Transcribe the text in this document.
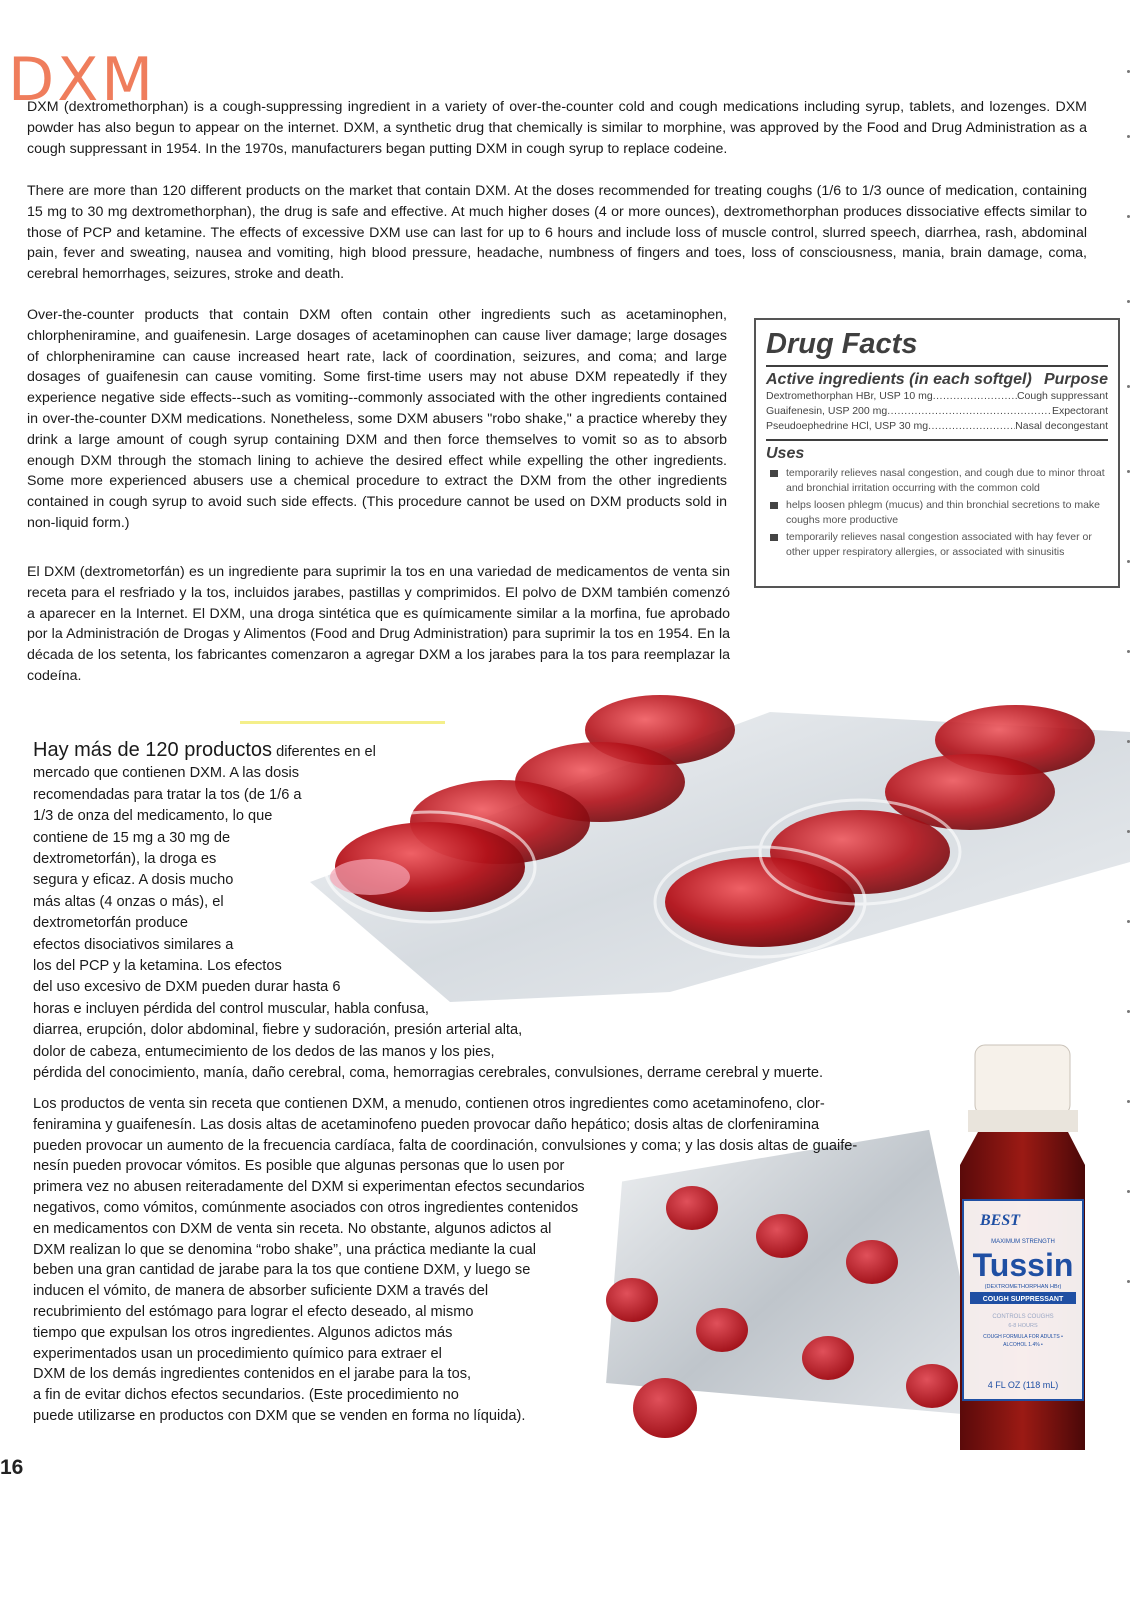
DXM

DXM (dextromethorphan) is a cough-suppressing ingredient in a variety of over-the-counter cold and cough medications including syrup, tablets, and lozenges. DXM powder has also begun to appear on the internet. DXM, a synthetic drug that chemically is similar to morphine, was approved by the Food and Drug Administration as a cough suppressant in 1954. In the 1970s, manufacturers began putting DXM in cough syrup to replace codeine.

There are more than 120 different products on the market that contain DXM. At the doses recommended for treating coughs (1/6 to 1/3 ounce of medication, containing 15 mg to 30 mg dextromethorphan), the drug is safe and effective. At much higher doses (4 or more ounces), dextromethorphan produces dissociative effects similar to those of PCP and ketamine. The effects of excessive DXM use can last for up to 6 hours and include loss of muscle control, slurred speech, diarrhea, rash, abdominal pain, fever and sweating, nausea and vomiting, high blood pressure, headache, numbness of fingers and toes, loss of consciousness, mania, brain damage, coma, cerebral hemorrhages, seizures, stroke and death.

Over-the-counter products that contain DXM often contain other ingredients such as acetaminophen, chlorpheniramine, and guaifenesin. Large dosages of acetaminophen can cause liver damage; large dosages of chlorpheniramine can cause increased heart rate, lack of coordination, seizures, and coma; and large dosages of guaifenesin can cause vomiting. Some first-time users may not abuse DXM repeatedly if they experience negative side effects--such as vomiting--commonly associated with the other ingredients contained in over-the-counter DXM medications. Nonetheless, some DXM abusers "robo shake," a practice whereby they drink a large amount of cough syrup containing DXM and then force themselves to vomit so as to absorb enough DXM through the stomach lining to achieve the desired effect while expelling the other ingredients. Some more experienced abusers use a chemical procedure to extract the DXM from the other ingredients contained in cough syrup to avoid such side effects. (This procedure cannot be used on DXM products sold in non-liquid form.)

El DXM (dextrometorfán) es un ingrediente para suprimir la tos en una variedad de medicamentos de venta sin receta para el resfriado y la tos, incluidos jarabes, pastillas y comprimidos. El polvo de DXM también comenzó a aparecer en la Internet. El DXM, una droga sintética que es químicamente similar a la morfina, fue aprobado por la Administración de Drogas y Alimentos (Food and Drug Administration) para suprimir la tos en 1954. En la década de los setenta, los fabricantes comenzaron a agregar DXM a los jarabes para la tos para reemplazar la codeína.

Drug Facts
Active ingredients (in each softgel) Purpose
Dextromethorphan HBr, USP 10 mg .....	Cough suppressant
Guaifenesin, USP 200 mg .....	Expectorant
Pseudoephedrine HCl, USP 30 mg .....	Nasal decongestant
Uses
temporarily relieves nasal congestion, and cough due to minor throat and bronchial irritation occurring with the common cold
helps loosen phlegm (mucus) and thin bronchial secretions to make coughs more productive
temporarily relieves nasal congestion associated with hay fever or other upper respiratory allergies, or associated with sinusitis
Hay más de 120 productos diferentes en el
mercado que contienen DXM. A las dosis
recomendadas para tratar la tos (de 1/6 a
1/3 de onza del medicamento, lo que
contiene de 15 mg a 30 mg de
dextrometorfán), la droga es
segura y eficaz. A dosis mucho
más altas (4 onzas o más), el
dextrometorfán produce
efectos disociativos similares a
los del PCP y la ketamina. Los efectos
del uso excesivo de DXM pueden durar hasta 6
horas e incluyen pérdida del control muscular, habla confusa,
diarrea, erupción, dolor abdominal, fiebre y sudoración, presión arterial alta,
dolor de cabeza, entumecimiento de los dedos de las manos y los pies,
pérdida del conocimiento, manía, daño cerebral, coma, hemorragias cerebrales, convulsiones, derrame cerebral y muerte.
BEST
MAXIMUM STRENGTH
Tussin
(DEXTROMETHORPHAN HBr)
COUGH SUPPRESSANT
CONTROLS COUGHS
6-8 HOURS
COUGH FORMULA FOR ADULTS •
ALCOHOL 1.4% •
4 FL OZ (118 mL)
Los productos de venta sin receta que contienen DXM, a menudo, contienen otros ingredientes como acetaminofeno, clor-
feniramina y guaifenesín. Las dosis altas de acetaminofeno pueden provocar daño hepático; dosis altas de clorfeniramina
pueden provocar un aumento de la frecuencia cardíaca, falta de coordinación, convulsiones y coma; y las dosis altas de guaife-
nesín pueden provocar vómitos. Es posible que algunas personas que lo usen por
primera vez no abusen reiteradamente del DXM si experimentan efectos secundarios
negativos, como vómitos, comúnmente asociados con otros ingredientes contenidos
en medicamentos con DXM de venta sin receta. No obstante, algunos adictos al
DXM realizan lo que se denomina “robo shake”, una práctica mediante la cual
beben una gran cantidad de jarabe para la tos que contiene DXM, y luego se
inducen el vómito, de manera de absorber suficiente DXM a través del
recubrimiento del estómago para lograr el efecto deseado, al mismo
tiempo que expulsan los otros ingredientes. Algunos adictos más
experimentados usan un procedimiento químico para extraer el
DXM de los demás ingredientes contenidos en el jarabe para la tos,
a fin de evitar dichos efectos secundarios. (Este procedimiento no
puede utilizarse en productos con DXM que se venden en forma no líquida).
16
